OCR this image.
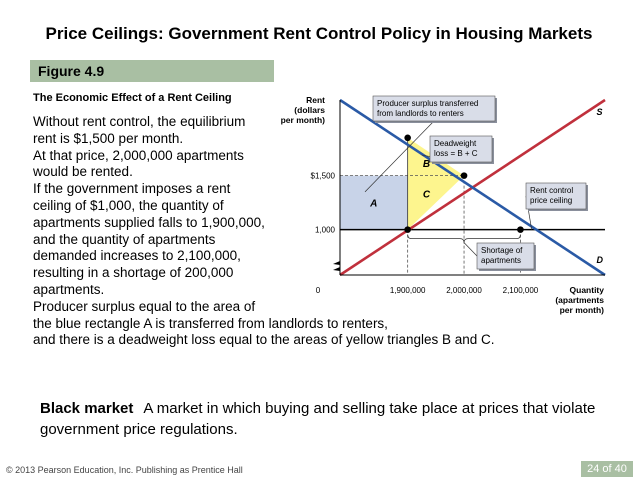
Price Ceilings: Government Rent Control Policy in Housing Markets
Figure 4.9
The Economic Effect of a Rent Ceiling
Without rent control, the equilibrium
rent is $1,500 per month.
At that price, 2,000,000 apartments
would be rented.
If the government imposes a rent
ceiling of $1,000, the quantity of
apartments supplied falls to 1,900,000,
and the quantity of apartments
demanded increases to 2,100,000,
resulting in a shortage of 200,000
apartments.
Producer surplus equal to the area of
the blue rectangle A is transferred from landlords to renters,
and there is a deadweight loss equal to the areas of yellow triangles B and C.
A
B
C
S
D
Rent
(dollars
per month)
Quantity
(apartments
per month)
0	1,900,000	2,000,000	2,100,000
$1,500
1,000
Producer surplus transferred
from landlords to renters
Deadweight
loss = B + C
Rent control
price ceiling
Shortage of
apartments
Black market A market in which buying and selling take place at prices that violate government price regulations.
© 2013 Pearson Education, Inc. Publishing as Prentice Hall	24 of 40
